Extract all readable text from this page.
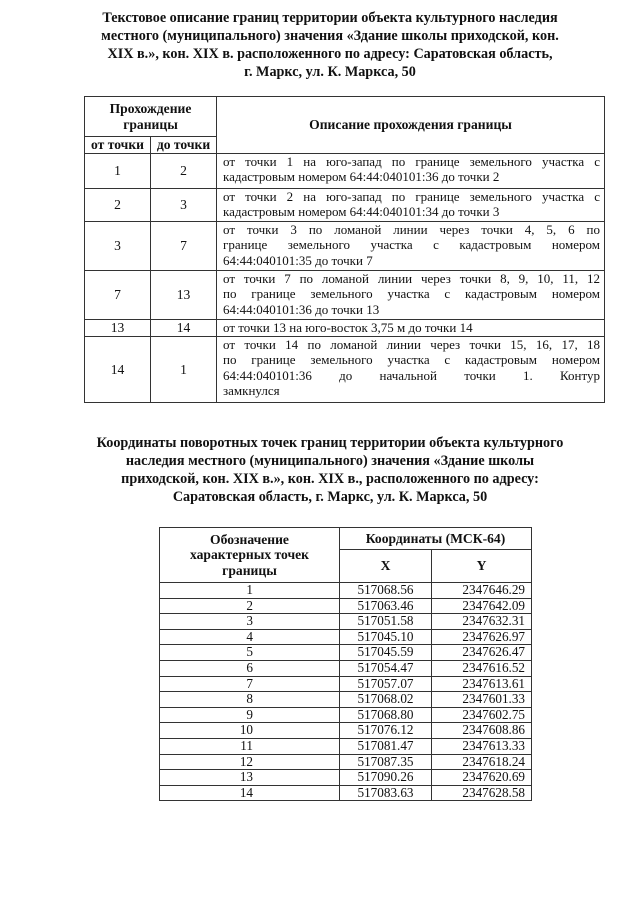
Текстовое описание границ территории объекта культурного наследия
местного (муниципального) значения «Здание школы приходской, кон.
XIX в.», кон. XIX в. расположенного по адресу: Саратовская область,
г. Маркс, ул. К. Маркса, 50
Прохождение
границы		Описание прохождения границы
от точки	до точки	
1	2	от точки 1 на юго-запад по границе земельного участка с
кадастровым номером 64:44:040101:36 до точки 2

2	3	от точки 2 на юго-запад по границе земельного участка с
кадастровым номером 64:44:040101:34 до точки 3

3	7	от точки 3 по ломаной линии через точки 4, 5, 6 по
границе земельного участка с кадастровым номером
64:44:040101:35 до точки 7

7	13	от точки 7 по ломаной линии через точки 8, 9, 10, 11, 12
по границе земельного участка с кадастровым номером
64:44:040101:36 до точки 13

13	14	от точки 13 на юго-восток 3,75 м до точки 14

14	1	от точки 14 по ломаной линии через точки 15, 16, 17, 18
по границе земельного участка с кадастровым номером
64:44:040101:36 до начальной точки 1. Контур
замкнулся
Координаты поворотных точек границ территории объекта культурного
наследия местного (муниципального) значения «Здание школы
приходской, кон. XIX в.», кон. XIX в., расположенного по адресу:
Саратовская область, г. Маркс, ул. К. Маркса, 50
Обозначение
характерных точек
границы	Координаты (МСК-64)	
	X	Y
1	517068.56	2347646.29
2	517063.46	2347642.09
3	517051.58	2347632.31
4	517045.10	2347626.97
5	517045.59	2347626.47
6	517054.47	2347616.52
7	517057.07	2347613.61
8	517068.02	2347601.33
9	517068.80	2347602.75
10	517076.12	2347608.86
11	517081.47	2347613.33
12	517087.35	2347618.24
13	517090.26	2347620.69
14	517083.63	2347628.58
